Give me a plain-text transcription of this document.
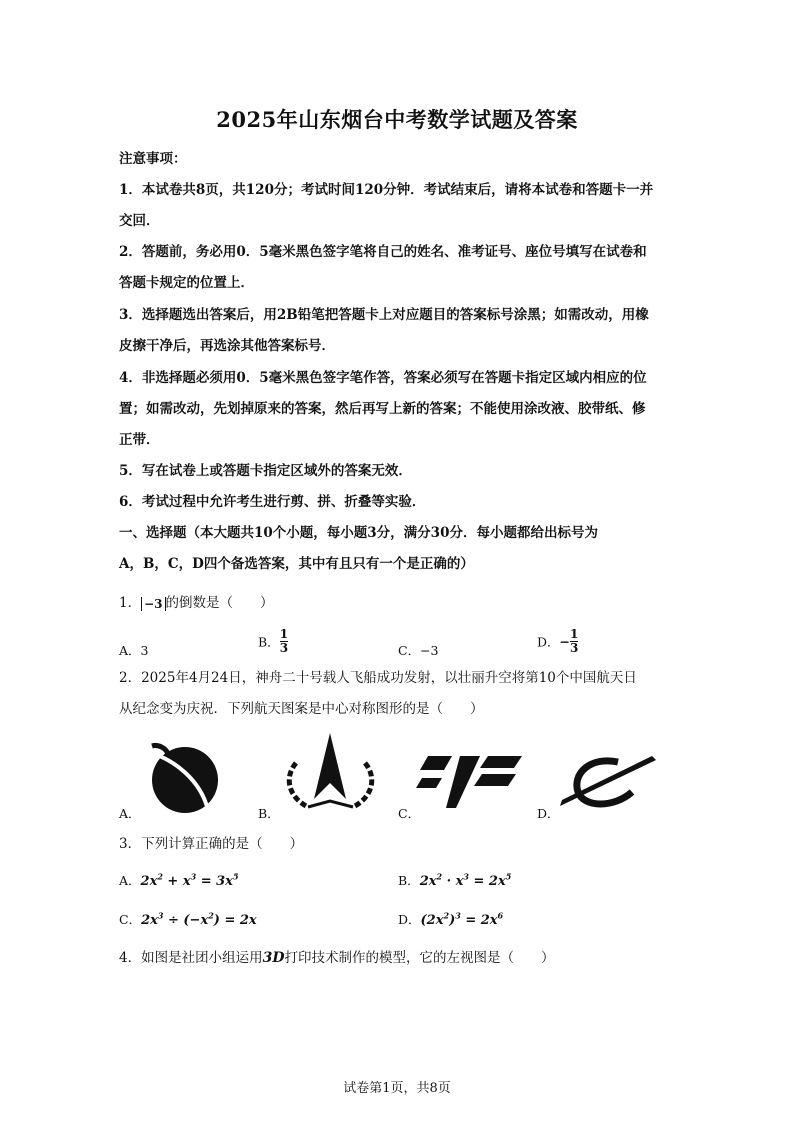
2025年山东烟台中考数学试题及答案
注意事项：
1．本试卷共8页，共120分；考试时间120分钟．考试结束后，请将本试卷和答题卡一并
交回．
2．答题前，务必用0．5毫米黑色签字笔将自己的姓名、准考证号、座位号填写在试卷和
答题卡规定的位置上．
3．选择题选出答案后，用2B铅笔把答题卡上对应题目的答案标号涂黑；如需改动，用橡
皮擦干净后，再选涂其他答案标号．
4．非选择题必须用0．5毫米黑色签字笔作答，答案必须写在答题卡指定区域内相应的位
置；如需改动，先划掉原来的答案，然后再写上新的答案；不能使用涂改液、胶带纸、修
正带．
5．写在试卷上或答题卡指定区域外的答案无效．
6．考试过程中允许考生进行剪、拼、折叠等实验．
一、选择题（本大题共10个小题，每小题3分，满分30分．每小题都给出标号为
A，B，C，D四个备选答案，其中有且只有一个是正确的）
1． −3 的倒数是（　　）
A．3
B． $\frac{1}{3}$	C．−3
D．− $\frac{1}{3}$
2．2025年4月24日，神舟二十号载人飞船成功发射，以壮丽升空将第10个中国航天日
从纪念变为庆祝．下列航天图案是中心对称图形的是（　　）
A．	B．	C．	D．
3．下列计算正确的是（　　）
A．$2x^2 + x^3 = 3x^5$	B．$2x^2 \cdot x^3 = 2x^5$
C．$2x^3 \div (-x^2) = 2x$	D．$(2x^2)^3 = 2x^6$
4．如图是社团小组运用3D打印技术制作的模型，它的左视图是（　　）
试卷第1页，共8页
